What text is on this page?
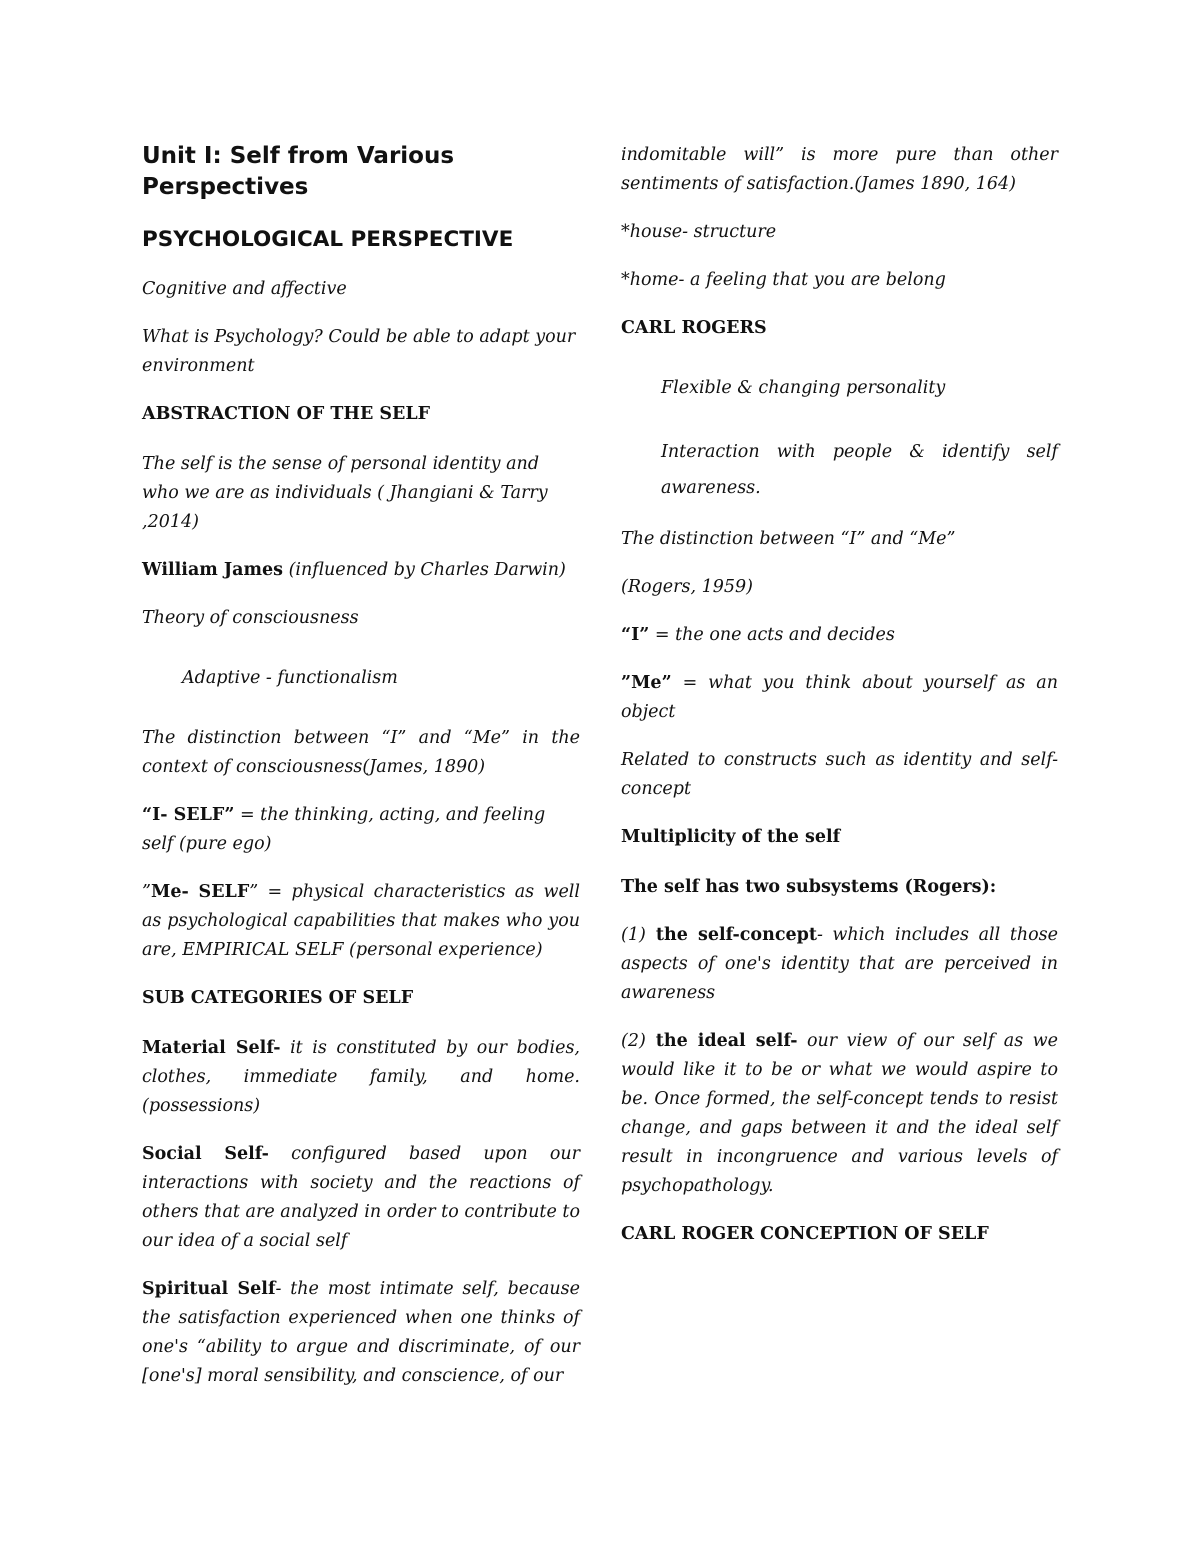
Unit I: Self from Various Perspectives

PSYCHOLOGICAL PERSPECTIVE

Cognitive and affective

What is Psychology? Could be able to adapt your environment

ABSTRACTION OF THE SELF

The self is the sense of personal identity and who we are as individuals ( Jhangiani & Tarry ,2014)

William James (influenced by Charles Darwin)

Theory of consciousness

Adaptive - functionalism

The distinction between “I” and “Me” in the context of consciousness(James, 1890)

“I- SELF” = the thinking, acting, and feeling self (pure ego)

”Me- SELF” = physical characteristics as well as psychological capabilities that makes who you are, EMPIRICAL SELF (personal experience)

SUB CATEGORIES OF SELF

Material Self- it is constituted by our bodies, clothes, immediate family, and home. (possessions)

Social Self- configured based upon our interactions with society and the reactions of others that are analyzed in order to contribute to our idea of a social self

Spiritual Self- the most intimate self, because the satisfaction experienced when one thinks of one's “ability to argue and discriminate, of our [one's] moral sensibility, and conscience, of our

indomitable will” is more pure than other sentiments of satisfaction.(James 1890, 164)

*house- structure

*home- a feeling that you are belong

CARL ROGERS

Flexible & changing personality

Interaction with people & identify self awareness.

The distinction between “I” and “Me”

(Rogers, 1959)

“I” = the one acts and decides

”Me” = what you think about yourself as an object

Related to constructs such as identity and self-concept

Multiplicity of the self

The self has two subsystems (Rogers):

(1) the self-concept- which includes all those aspects of one's identity that are perceived in awareness

(2) the ideal self- our view of our self as we would like it to be or what we would aspire to be. Once formed, the self-concept tends to resist change, and gaps between it and the ideal self result in incongruence and various levels of psychopathology.

CARL ROGER CONCEPTION OF SELF
